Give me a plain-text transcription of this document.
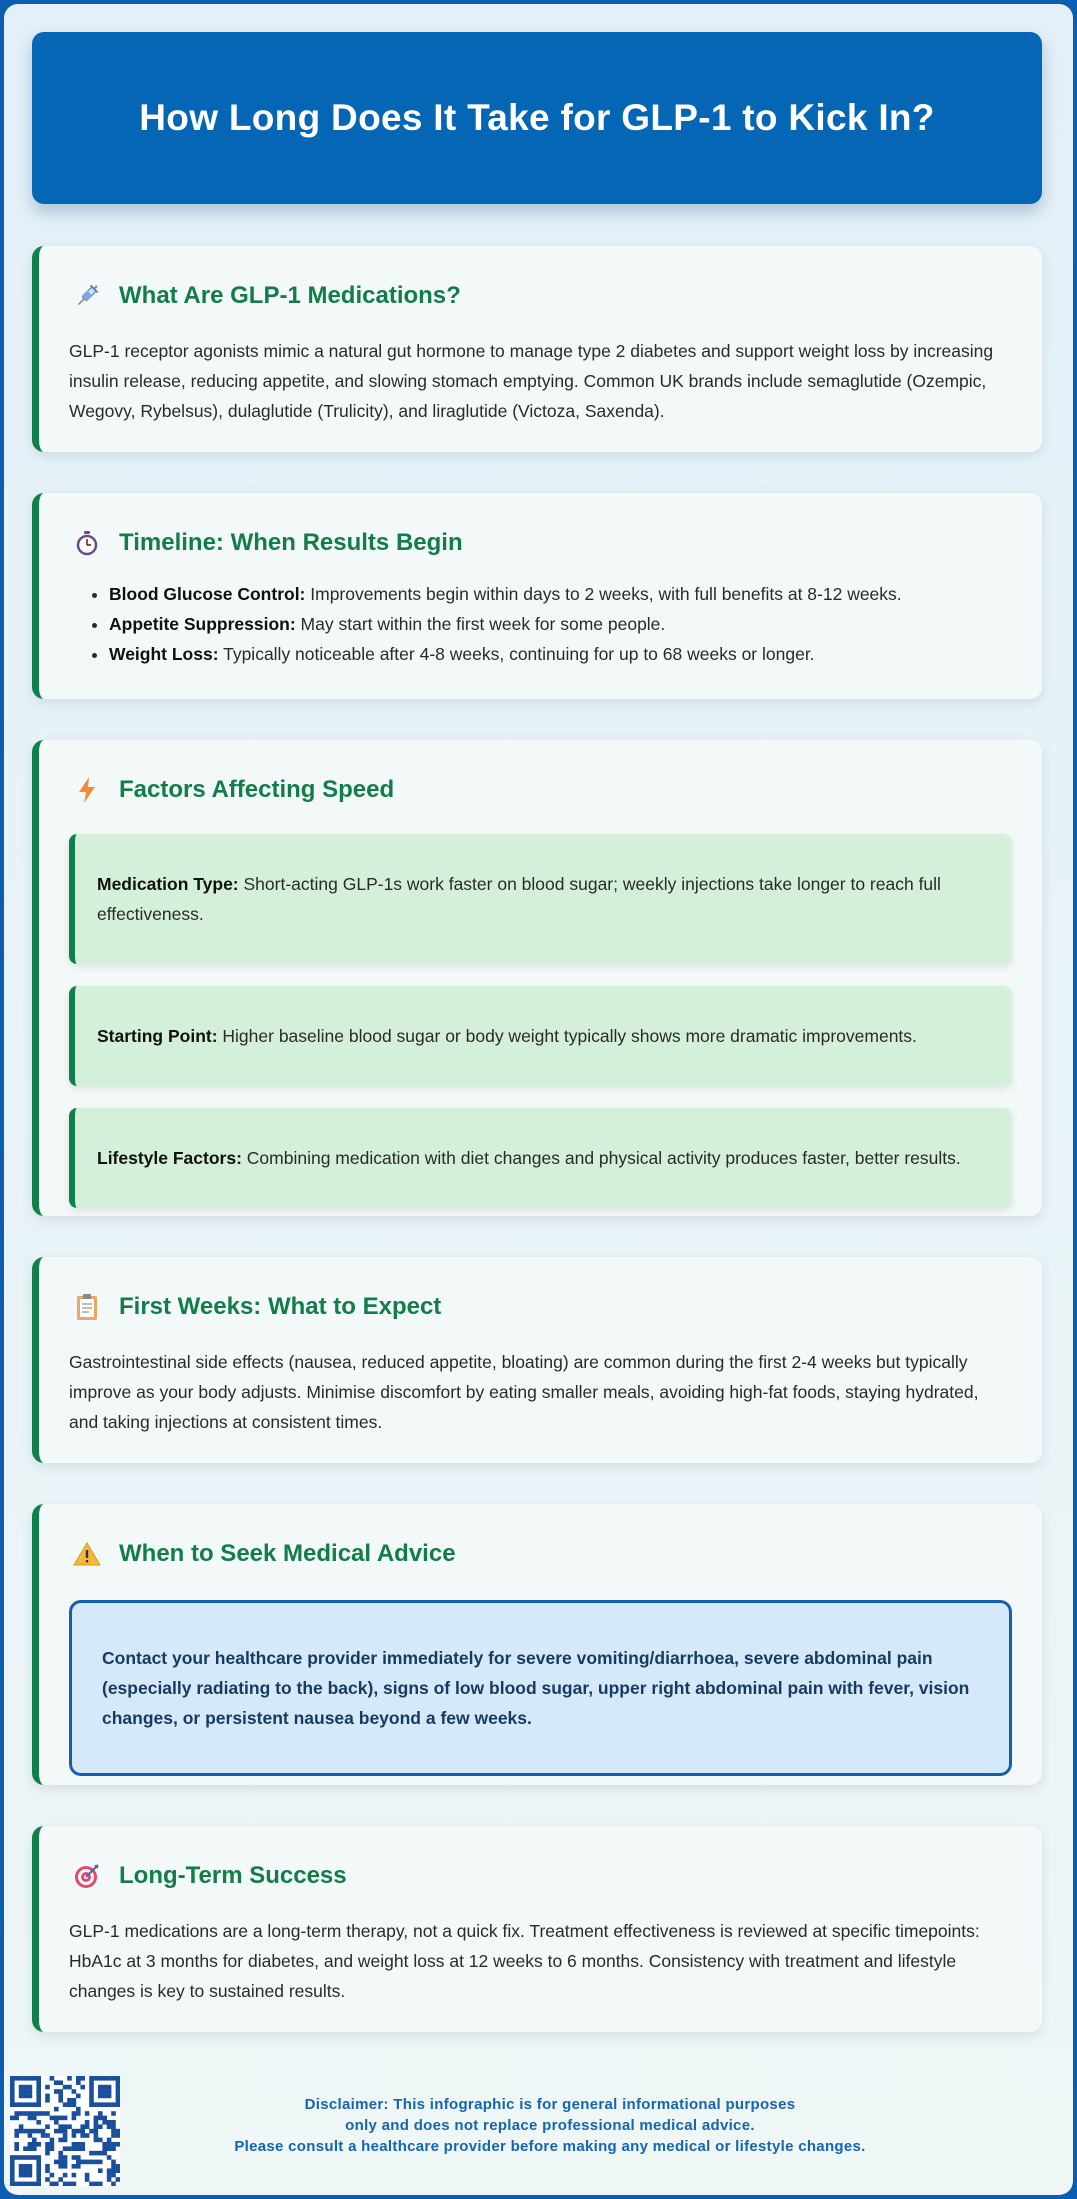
How Long Does It Take for GLP-1 to Kick In?
What Are GLP-1 Medications?

GLP-1 receptor agonists mimic a natural gut hormone to manage type 2 diabetes and support weight loss by increasing insulin release, reducing appetite, and slowing stomach emptying. Common UK brands include semaglutide (Ozempic, Wegovy, Rybelsus), dulaglutide (Trulicity), and liraglutide (Victoza, Saxenda).

Timeline: When Results Begin
• Blood Glucose Control: Improvements begin within days to 2 weeks, with full benefits at 8-12 weeks.
• Appetite Suppression: May start within the first week for some people.
• Weight Loss: Typically noticeable after 4-8 weeks, continuing for up to 68 weeks or longer.
Factors Affecting Speed
Medication Type: Short-acting GLP-1s work faster on blood sugar; weekly injections take longer to reach full effectiveness.
Starting Point: Higher baseline blood sugar or body weight typically shows more dramatic improvements.
Lifestyle Factors: Combining medication with diet changes and physical activity produces faster, better results.
First Weeks: What to Expect

Gastrointestinal side effects (nausea, reduced appetite, bloating) are common during the first 2-4 weeks but typically improve as your body adjusts. Minimise discomfort by eating smaller meals, avoiding high-fat foods, staying hydrated, and taking injections at consistent times.

When to Seek Medical Advice
Contact your healthcare provider immediately for severe vomiting/diarrhoea, severe abdominal pain (especially radiating to the back), signs of low blood sugar, upper right abdominal pain with fever, vision changes, or persistent nausea beyond a few weeks.
Long-Term Success

GLP-1 medications are a long-term therapy, not a quick fix. Treatment effectiveness is reviewed at specific timepoints: HbA1c at 3 months for diabetes, and weight loss at 12 weeks to 6 months. Consistency with treatment and lifestyle changes is key to sustained results.

Disclaimer: This infographic is for general informational purposes
only and does not replace professional medical advice.
Please consult a healthcare provider before making any medical or lifestyle changes.
